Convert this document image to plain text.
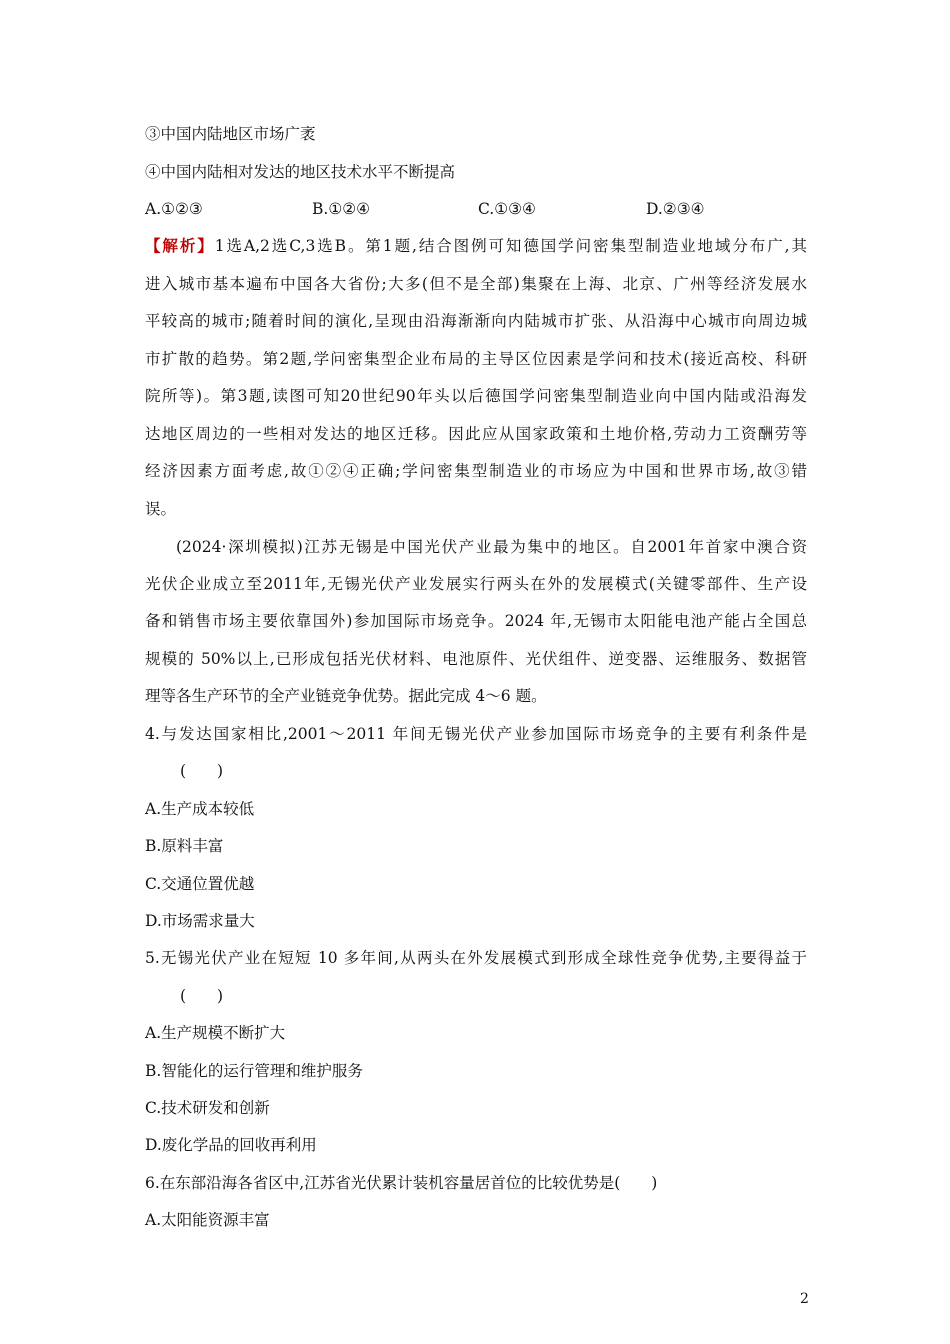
③中国内陆地区市场广袤
④中国内陆相对发达的地区技术水平不断提高
A.①②③	B.①②④	C.①③④	D.②③④
【解析】1选A,2选C,3选B。第1题,结合图例可知德国学问密集型制造业地域分布广,其
进入城市基本遍布中国各大省份;大多(但不是全部)集聚在上海、北京、广州等经济发展水
平较高的城市;随着时间的演化,呈现由沿海渐渐向内陆城市扩张、从沿海中心城市向周边城
市扩散的趋势。第2题,学问密集型企业布局的主导区位因素是学问和技术(接近高校、科研
院所等)。第3题,读图可知20世纪90年头以后德国学问密集型制造业向中国内陆或沿海发
达地区周边的一些相对发达的地区迁移。因此应从国家政策和土地价格,劳动力工资酬劳等
经济因素方面考虑,故①②④正确;学问密集型制造业的市场应为中国和世界市场,故③错
误。
(2024·深圳模拟)江苏无锡是中国光伏产业最为集中的地区。自2001年首家中澳合资
光伏企业成立至2011年,无锡光伏产业发展实行两头在外的发展模式(关键零部件、生产设
备和销售市场主要依靠国外)参加国际市场竞争。2024 年,无锡市太阳能电池产能占全国总
规模的 50%以上,已形成包括光伏材料、电池原件、光伏组件、逆变器、运维服务、数据管
理等各生产环节的全产业链竞争优势。据此完成 4～6 题。
4.与发达国家相比,2001～2011 年间无锡光伏产业参加国际市场竞争的主要有利条件是
(　　)
A.生产成本较低
B.原料丰富
C.交通位置优越
D.市场需求量大
5.无锡光伏产业在短短 10 多年间,从两头在外发展模式到形成全球性竞争优势,主要得益于
(　　)
A.生产规模不断扩大
B.智能化的运行管理和维护服务
C.技术研发和创新
D.废化学品的回收再利用
6.在东部沿海各省区中,江苏省光伏累计装机容量居首位的比较优势是(　　)
A.太阳能资源丰富
2
